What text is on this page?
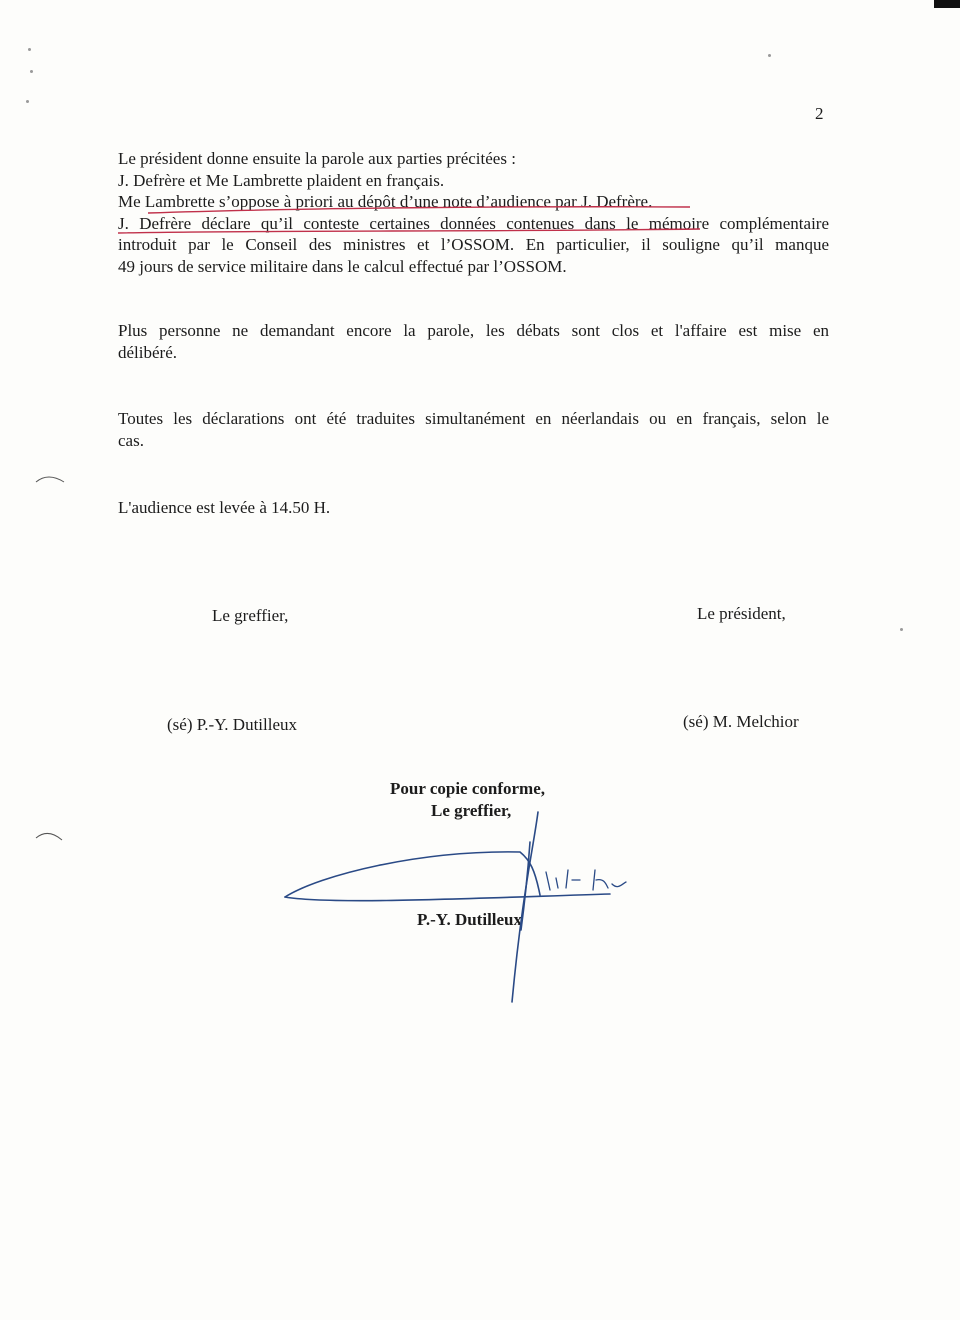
2
Le président donne ensuite la parole aux parties précitées :
J. Defrère et Me Lambrette plaident en français.
Me Lambrette s’oppose à priori au dépôt d’une note d’audience par J. Defrère.
J. Defrère déclare qu’il conteste certaines données contenues dans le mémoire complémentaire
introduit par le Conseil des ministres et l’OSSOM. En particulier, il souligne qu’il manque
49 jours de service militaire dans le calcul effectué par l’OSSOM.
Plus personne ne demandant encore la parole, les débats sont clos et l'affaire est mise en
délibéré.
Toutes les déclarations ont été traduites simultanément en néerlandais ou en français, selon le
cas.
L'audience est levée à 14.50 H.
Le greffier,	Le président,
(sé) P.-Y. Dutilleux	(sé) M. Melchior
Pour copie conforme,
Le greffier,
P.-Y. Dutilleux
